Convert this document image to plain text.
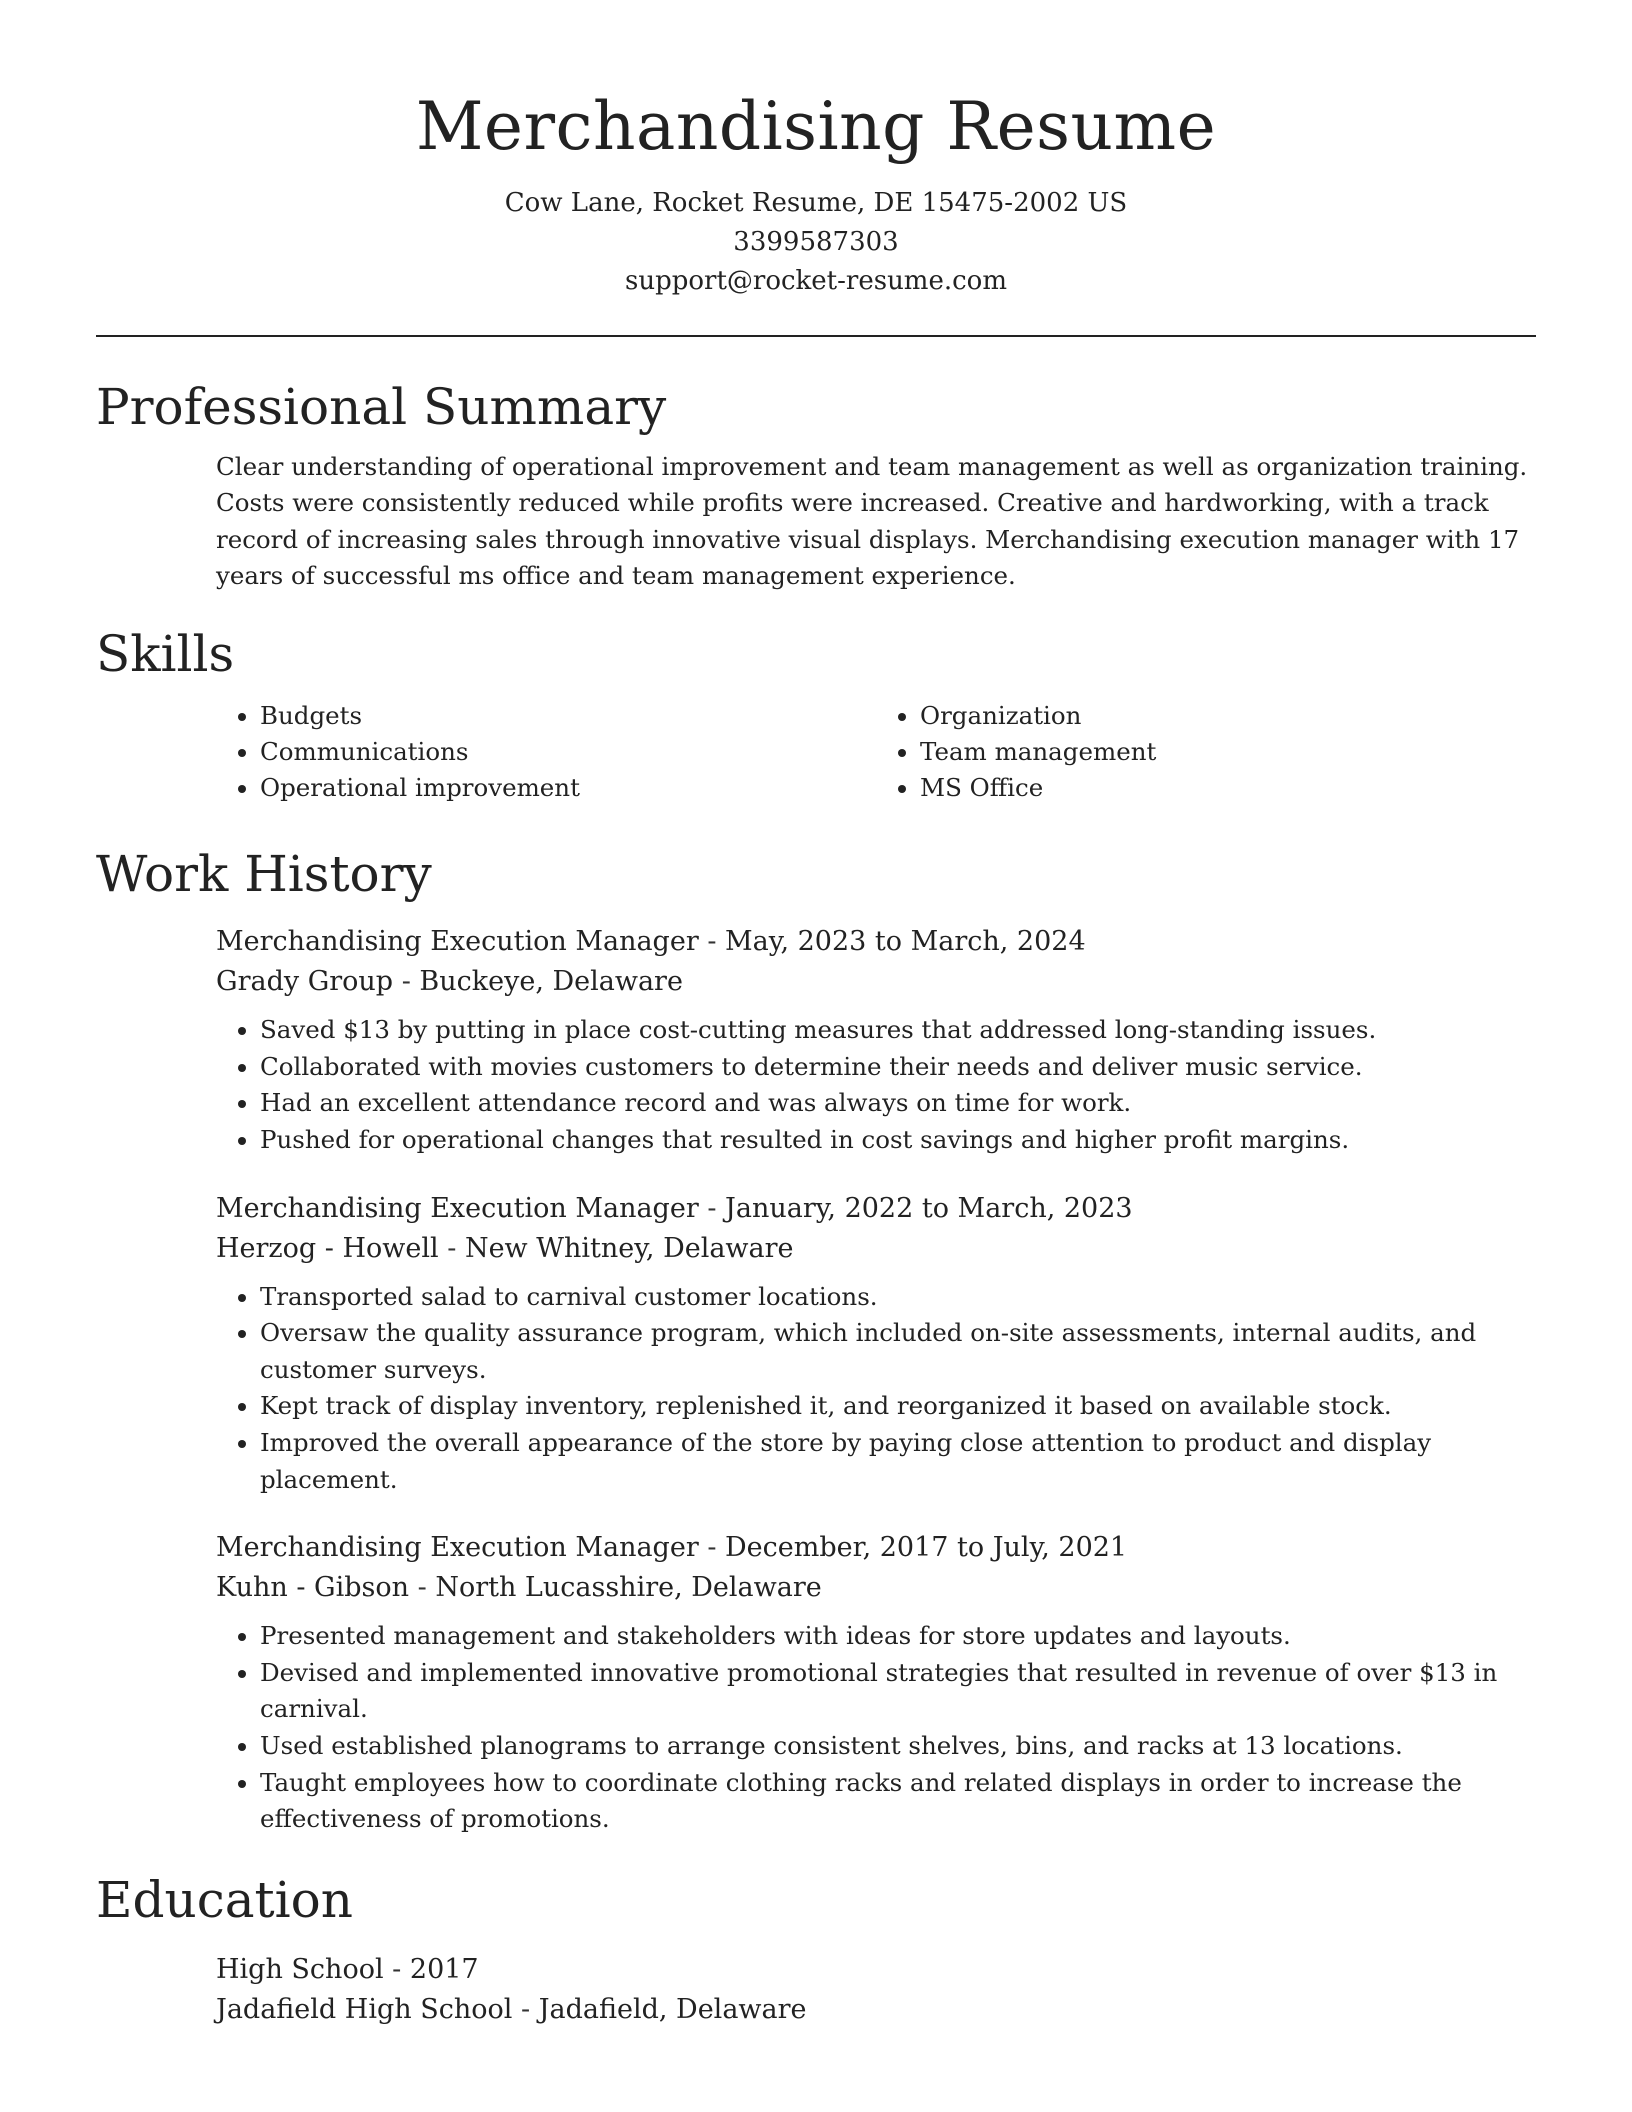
Merchandising Resume
Cow Lane, Rocket Resume, DE 15475-2002 US
3399587303
support@rocket-resume.com
Professional Summary
Clear understanding of operational improvement and team management as well as organization training. Costs were consistently reduced while profits were increased. Creative and hardworking, with a track record of increasing sales through innovative visual displays. Merchandising execution manager with 17 years of successful ms office and team management experience.
Skills
• Budgets
• Communications
• Operational improvement
• Organization
• Team management
• MS Office
Work History
Merchandising Execution Manager - May, 2023 to March, 2024
Grady Group - Buckeye, Delaware
• Saved $13 by putting in place cost-cutting measures that addressed long-standing issues.
• Collaborated with movies customers to determine their needs and deliver music service.
• Had an excellent attendance record and was always on time for work.
• Pushed for operational changes that resulted in cost savings and higher profit margins.
Merchandising Execution Manager - January, 2022 to March, 2023
Herzog - Howell - New Whitney, Delaware
• Transported salad to carnival customer locations.
• Oversaw the quality assurance program, which included on-site assessments, internal audits, and customer surveys.
• Kept track of display inventory, replenished it, and reorganized it based on available stock.
• Improved the overall appearance of the store by paying close attention to product and display placement.
Merchandising Execution Manager - December, 2017 to July, 2021
Kuhn - Gibson - North Lucasshire, Delaware
• Presented management and stakeholders with ideas for store updates and layouts.
• Devised and implemented innovative promotional strategies that resulted in revenue of over $13 in carnival.
• Used established planograms to arrange consistent shelves, bins, and racks at 13 locations.
• Taught employees how to coordinate clothing racks and related displays in order to increase the effectiveness of promotions.
Education
High School - 2017
Jadafield High School - Jadafield, Delaware
